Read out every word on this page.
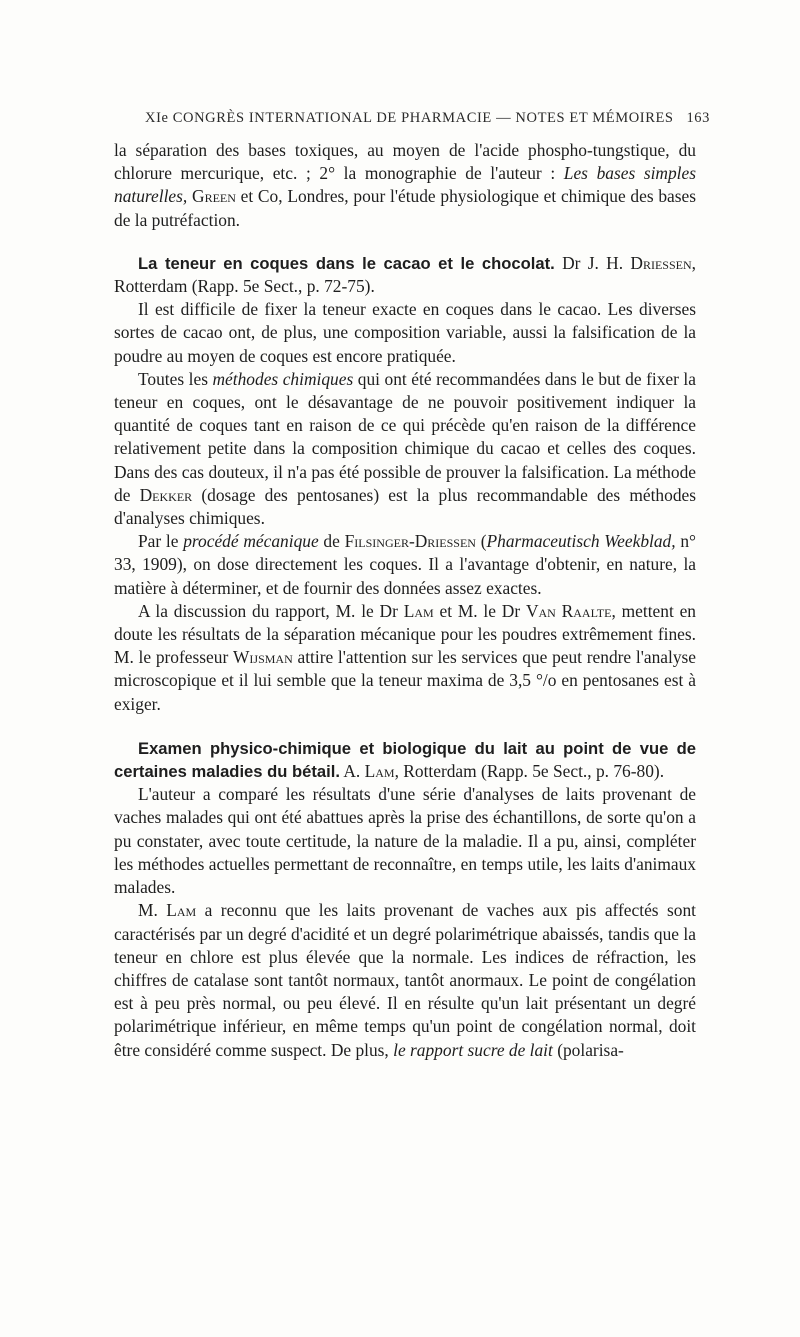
XIe CONGRÈS INTERNATIONAL DE PHARMACIE — NOTES ET MÉMOIRES 163

la séparation des bases toxiques, au moyen de l'acide phospho-tungstique, du chlorure mercurique, etc. ; 2° la monographie de l'auteur : Les bases simples naturelles, Green et Co, Londres, pour l'étude physiologique et chimique des bases de la putréfaction.

La teneur en coques dans le cacao et le chocolat. Dr J. H. Driessen, Rotterdam (Rapp. 5e Sect., p. 72-75).

Il est difficile de fixer la teneur exacte en coques dans le cacao. Les diverses sortes de cacao ont, de plus, une composition variable, aussi la falsification de la poudre au moyen de coques est encore pratiquée.

Toutes les méthodes chimiques qui ont été recommandées dans le but de fixer la teneur en coques, ont le désavantage de ne pouvoir positivement indiquer la quantité de coques tant en raison de ce qui précède qu'en raison de la différence relativement petite dans la composition chimique du cacao et celles des coques. Dans des cas douteux, il n'a pas été possible de prouver la falsification. La méthode de Dekker (dosage des pentosanes) est la plus recommandable des méthodes d'analyses chimiques.

Par le procédé mécanique de Filsinger-Driessen (Pharmaceutisch Weekblad, n° 33, 1909), on dose directement les coques. Il a l'avantage d'obtenir, en nature, la matière à déterminer, et de fournir des données assez exactes.

A la discussion du rapport, M. le Dr Lam et M. le Dr Van Raalte, mettent en doute les résultats de la séparation mécanique pour les poudres extrêmement fines. M. le professeur Wijsman attire l'attention sur les services que peut rendre l'analyse microscopique et il lui semble que la teneur maxima de 3,5 °/o en pentosanes est à exiger.

Examen physico-chimique et biologique du lait au point de vue de certaines maladies du bétail. A. Lam, Rotterdam (Rapp. 5e Sect., p. 76-80).

L'auteur a comparé les résultats d'une série d'analyses de laits provenant de vaches malades qui ont été abattues après la prise des échantillons, de sorte qu'on a pu constater, avec toute certitude, la nature de la maladie. Il a pu, ainsi, compléter les méthodes actuelles permettant de reconnaître, en temps utile, les laits d'animaux malades.

M. Lam a reconnu que les laits provenant de vaches aux pis affectés sont caractérisés par un degré d'acidité et un degré polarimétrique abaissés, tandis que la teneur en chlore est plus élevée que la normale. Les indices de réfraction, les chiffres de catalase sont tantôt normaux, tantôt anormaux. Le point de congélation est à peu près normal, ou peu élevé. Il en résulte qu'un lait présentant un degré polarimétrique inférieur, en même temps qu'un point de congélation normal, doit être considéré comme suspect. De plus, le rapport sucre de lait (polarisa-
